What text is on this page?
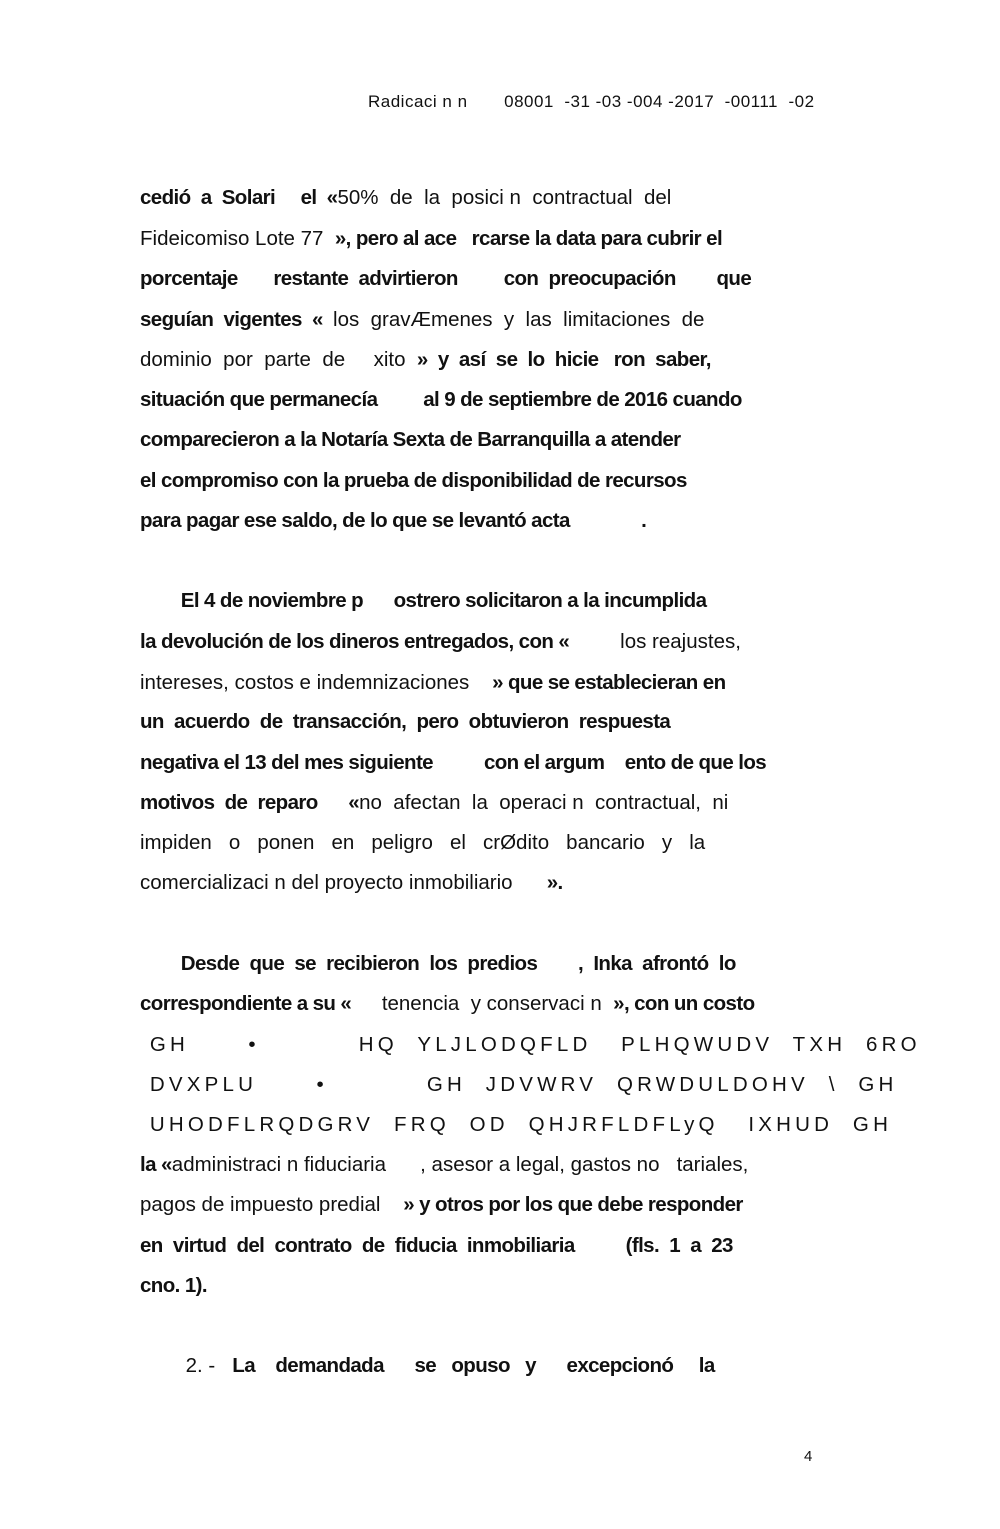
Radicaci n n       08001  -31 -03 -004 -2017  -00111  -02
cedió  a  Solari     el  «50%  de  la  posici n  contractual  del
Fideicomiso Lote 77  », pero al ace   rcarse la data para cubrir el
porcentaje       restante  advirtieron         con  preocupación        que
seguían  vigentes  «  los  gravÆmenes  y  las  limitaciones  de
dominio  por  parte  de     xito  »  y  así  se  lo  hicie   ron  saber,
situación que permanecía         al 9 de septiembre de 2016 cuando
comparecieron a la Notaría Sexta de Barranquilla a atender
el compromiso con la prueba de disponibilidad de recursos
para pagar ese saldo, de lo que se levantó acta              .
El 4 de noviembre p      ostrero solicitaron a la incumplida
la devolución de los dineros entregados, con «          los reajustes,
intereses, costos e indemnizaciones    » que se establecieran en
un  acuerdo  de  transacción,  pero  obtuvieron  respuesta
negativa el 13 del mes siguiente          con el argum    ento de que los
motivos  de  reparo      «no  afectan  la  operaci n  contractual,  ni
impiden   o   ponen   en   peligro   el   crØdito   bancario   y   la
comercializaci n del proyecto inmobiliario      ».
Desde  que  se  recibieron  los  predios        ,  Inka  afrontó  lo
correspondiente a su «      tenencia  y conservaci n  », con un costo
GH      •          HQ  YLJLODQFLD   PLHQWUDV  TXH  6RO
DVXPLU      •          GH  JDVWRV  QRWDULDOHV  \  GH
UHODFLRQDGRV  FRQ  OD  QHJRFLDFLyQ   IXHUD  GH
la «administraci n fiduciaria      , asesor a legal, gastos no   tariales,
pagos de impuesto predial    » y otros por los que debe responder
en  virtud  del  contrato  de  fiducia  inmobiliaria          (fls.  1  a  23
cno. 1).
2. -   La    demandada      se   opuso   y      excepcionó     la
4
